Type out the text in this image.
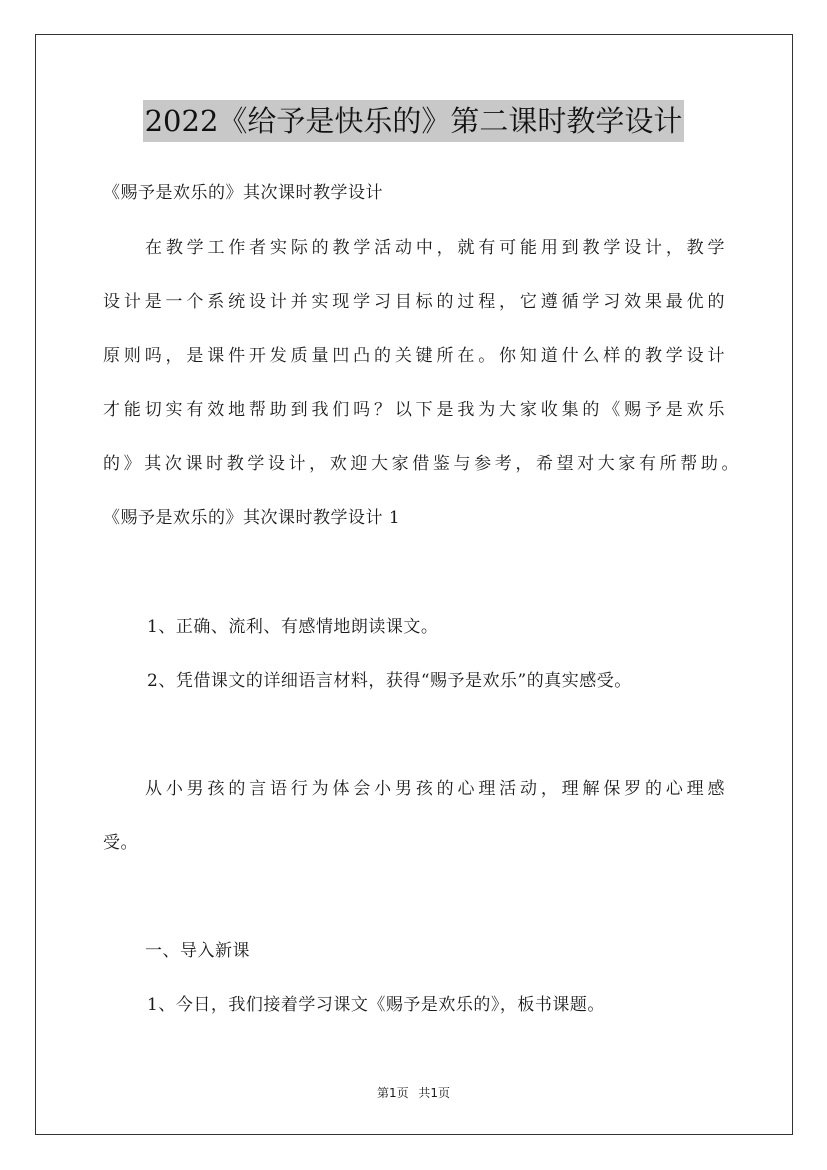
2022《给予是快乐的》第二课时教学设计
《赐予是欢乐的》其次课时教学设计
在教学工作者实际的教学活动中，就有可能用到教学设计，教学
设计是一个系统设计并实现学习目标的过程，它遵循学习效果最优的
原则吗，是课件开发质量凹凸的关键所在。你知道什么样的教学设计
才能切实有效地帮助到我们吗？以下是我为大家收集的《赐予是欢乐
的》其次课时教学设计，欢迎大家借鉴与参考，希望对大家有所帮助。
《赐予是欢乐的》其次课时教学设计 1
1、正确、流利、有感情地朗读课文。
2、凭借课文的详细语言材料，获得“赐予是欢乐”的真实感受。
从小男孩的言语行为体会小男孩的心理活动，理解保罗的心理感
受。
一、导入新课
1、今日，我们接着学习课文《赐予是欢乐的》，板书课题。
第1页 共1页
